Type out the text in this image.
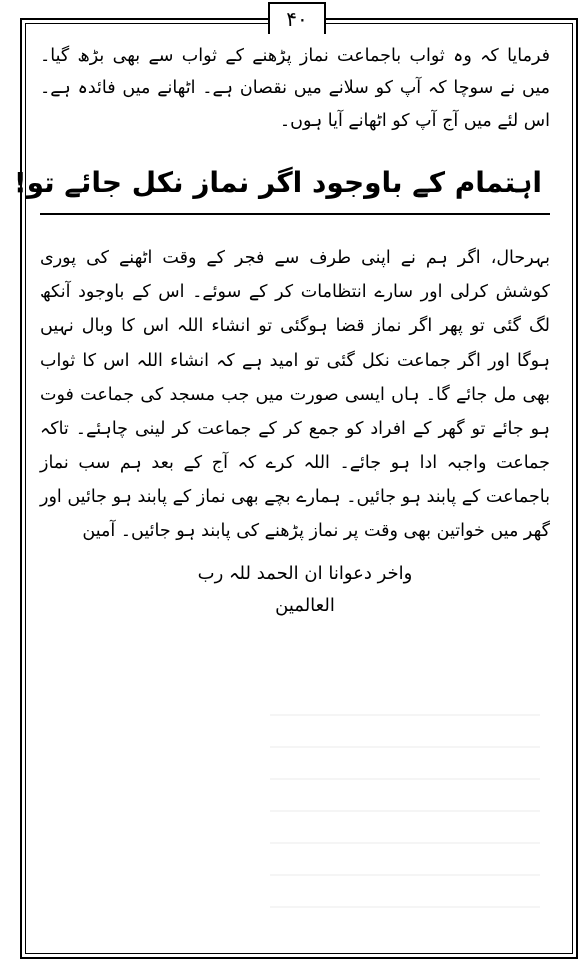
۴۰

فرمایا کہ وہ ثواب باجماعت نماز پڑھنے کے ثواب سے بھی بڑھ گیا۔ میں نے سوچا کہ آپ کو سلانے میں نقصان ہے۔ اٹھانے میں فائدہ ہے۔ اس لئے میں آج آپ کو اٹھانے آیا ہوں۔

اہتمام کے باوجود اگر نماز نکل جائے تو!

بہرحال، اگر ہم نے اپنی طرف سے فجر کے وقت اٹھنے کی پوری کوشش کرلی اور سارے انتظامات کر کے سوئے۔ اس کے باوجود آنکھ لگ گئی تو پھر اگر نماز قضا ہوگئی تو انشاء اللہ اس کا وبال نہیں ہوگا اور اگر جماعت نکل گئی تو امید ہے کہ انشاء اللہ اس کا ثواب بھی مل جائے گا۔ ہاں ایسی صورت میں جب مسجد کی جماعت فوت ہو جائے تو گھر کے افراد کو جمع کر کے جماعت کر لینی چاہئے۔ تاکہ جماعت واجبہ ادا ہو جائے۔ اللہ کرے کہ آج کے بعد ہم سب نماز باجماعت کے پابند ہو جائیں۔ ہمارے بچے بھی نماز کے پابند ہو جائیں اور گھر میں خواتین بھی وقت پر نماز پڑھنے کی پابند ہو جائیں۔ آمین

واخر دعوانا ان الحمد للہ رب
العالمین
